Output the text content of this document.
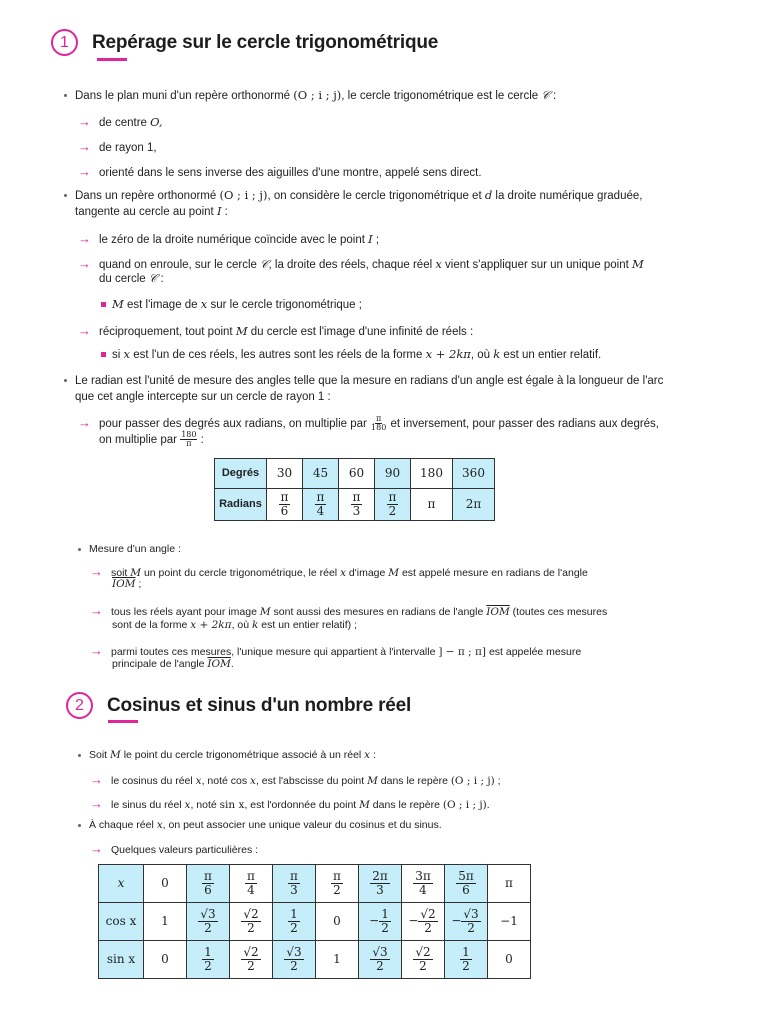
1	Repérage sur le cercle trigonométrique
Dans le plan muni d'un repère orthonormé (O ; i ; j), le cercle trigonométrique est le cercle 𝒞 :
→ de centre O,
→ de rayon 1,
→ orienté dans le sens inverse des aiguilles d'une montre, appelé sens direct.
Dans un repère orthonormé (O ; i ; j), on considère le cercle trigonométrique et d la droite numérique graduée,
tangente au cercle au point I :
→ le zéro de la droite numérique coïncide avec le point I ;
→ quand on enroule, sur le cercle 𝒞, la droite des réels, chaque réel x vient s'appliquer sur un unique point M
du cercle 𝒞 :
M est l'image de x sur le cercle trigonométrique ;
→ réciproquement, tout point M du cercle est l'image d'une infinité de réels :
si x est l'un de ces réels, les autres sont les réels de la forme x + 2kπ, où k est un entier relatif.
Le radian est l'unité de mesure des angles telle que la mesure en radians d'un angle est égale à la longueur de l'arc
que cet angle intercepte sur un cercle de rayon 1 :
→ pour passer des degrés aux radians, on multiplie par $\frac{\pi}{180}$ et inversement, pour passer des radians aux degrés,
on multiplie par $\frac{180}{\pi}$ :
Degrés	30	45	60	90	180	360
Radians	$\frac{\pi}{6}$	$\frac{\pi}{4}$	$\frac{\pi}{3}$	$\frac{\pi}{2}$	π	2π
Mesure d'un angle :
→ soit M un point du cercle trigonométrique, le réel x d'image M est appelé mesure en radians de l'angle
$\overline{IOM}$ ;
→ tous les réels ayant pour image M sont aussi des mesures en radians de l'angle $\overline{IOM}$ (toutes ces mesures
sont de la forme x + 2kπ, où k est un entier relatif) ;
→ parmi toutes ces mesures, l'unique mesure qui appartient à l'intervalle ] − π ; π] est appelée mesure
principale de l'angle $\overline{IOM}$.
2	Cosinus et sinus d'un nombre réel
Soit M le point du cercle trigonométrique associé à un réel x :
→ le cosinus du réel x, noté cos x, est l'abscisse du point M dans le repère (O ; i ; j) ;
→ le sinus du réel x, noté sin x, est l'ordonnée du point M dans le repère (O ; i ; j).
À chaque réel x, on peut associer une unique valeur du cosinus et du sinus.
→ Quelques valeurs particulières :
x	0	$\frac{\pi}{6}$	$\frac{\pi}{4}$	$\frac{\pi}{3}$	$\frac{\pi}{2}$	$\frac{2\pi}{3}$	$\frac{3\pi}{4}$	$\frac{5\pi}{6}$	π
cos x	1	$\frac{√3}{2}$	$\frac{√2}{2}$	$\frac{1}{2}$	0	− $\frac{1}{2}$	− $\frac{√2}{2}$	− $\frac{√3}{2}$	−1
sin x	0	$\frac{1}{2}$	$\frac{√2}{2}$	$\frac{√3}{2}$	1	$\frac{√3}{2}$	$\frac{√2}{2}$	$\frac{1}{2}$	0
